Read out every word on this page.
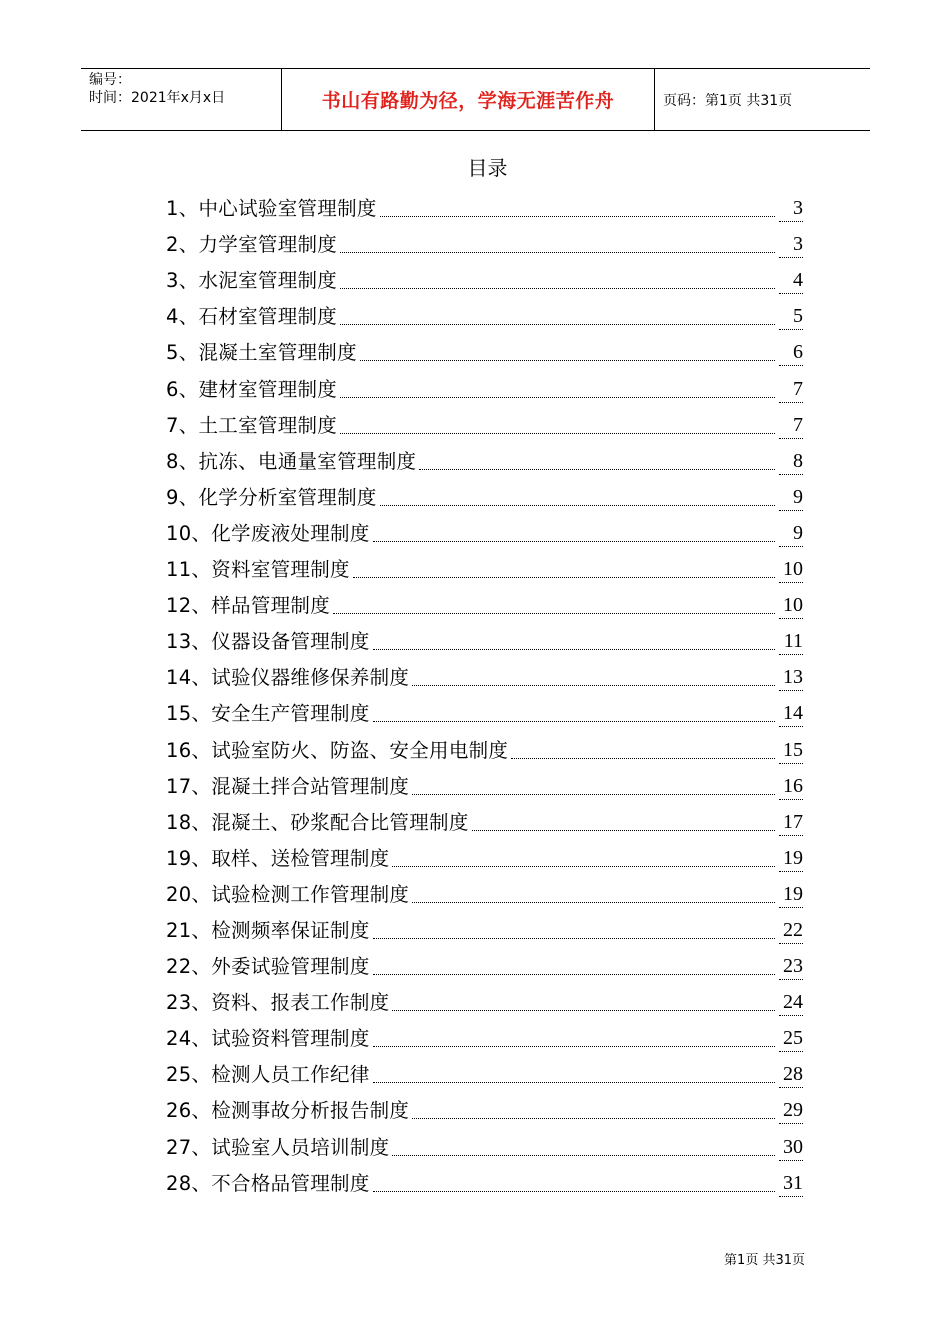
编号：
时间：2021年x月x日	书山有路勤为径，学海无涯苦作舟	页码：第1页 共31页
目录
1、中心试验室管理制度	3
2、力学室管理制度	3
3、水泥室管理制度	4
4、石材室管理制度	5
5、混凝土室管理制度	6
6、建材室管理制度	7
7、土工室管理制度	7
8、抗冻、电通量室管理制度	8
9、化学分析室管理制度	9
10、化学废液处理制度	9
11、资料室管理制度	10
12、样品管理制度	10
13、仪器设备管理制度	11
14、试验仪器维修保养制度	13
15、安全生产管理制度	14
16、试验室防火、防盗、安全用电制度	15
17、混凝土拌合站管理制度	16
18、混凝土、砂浆配合比管理制度	17
19、取样、送检管理制度	19
20、试验检测工作管理制度	19
21、检测频率保证制度	22
22、外委试验管理制度	23
23、资料、报表工作制度	24
24、试验资料管理制度	25
25、检测人员工作纪律	28
26、检测事故分析报告制度	29
27、试验室人员培训制度	30
28、不合格品管理制度	31
第1页 共31页
